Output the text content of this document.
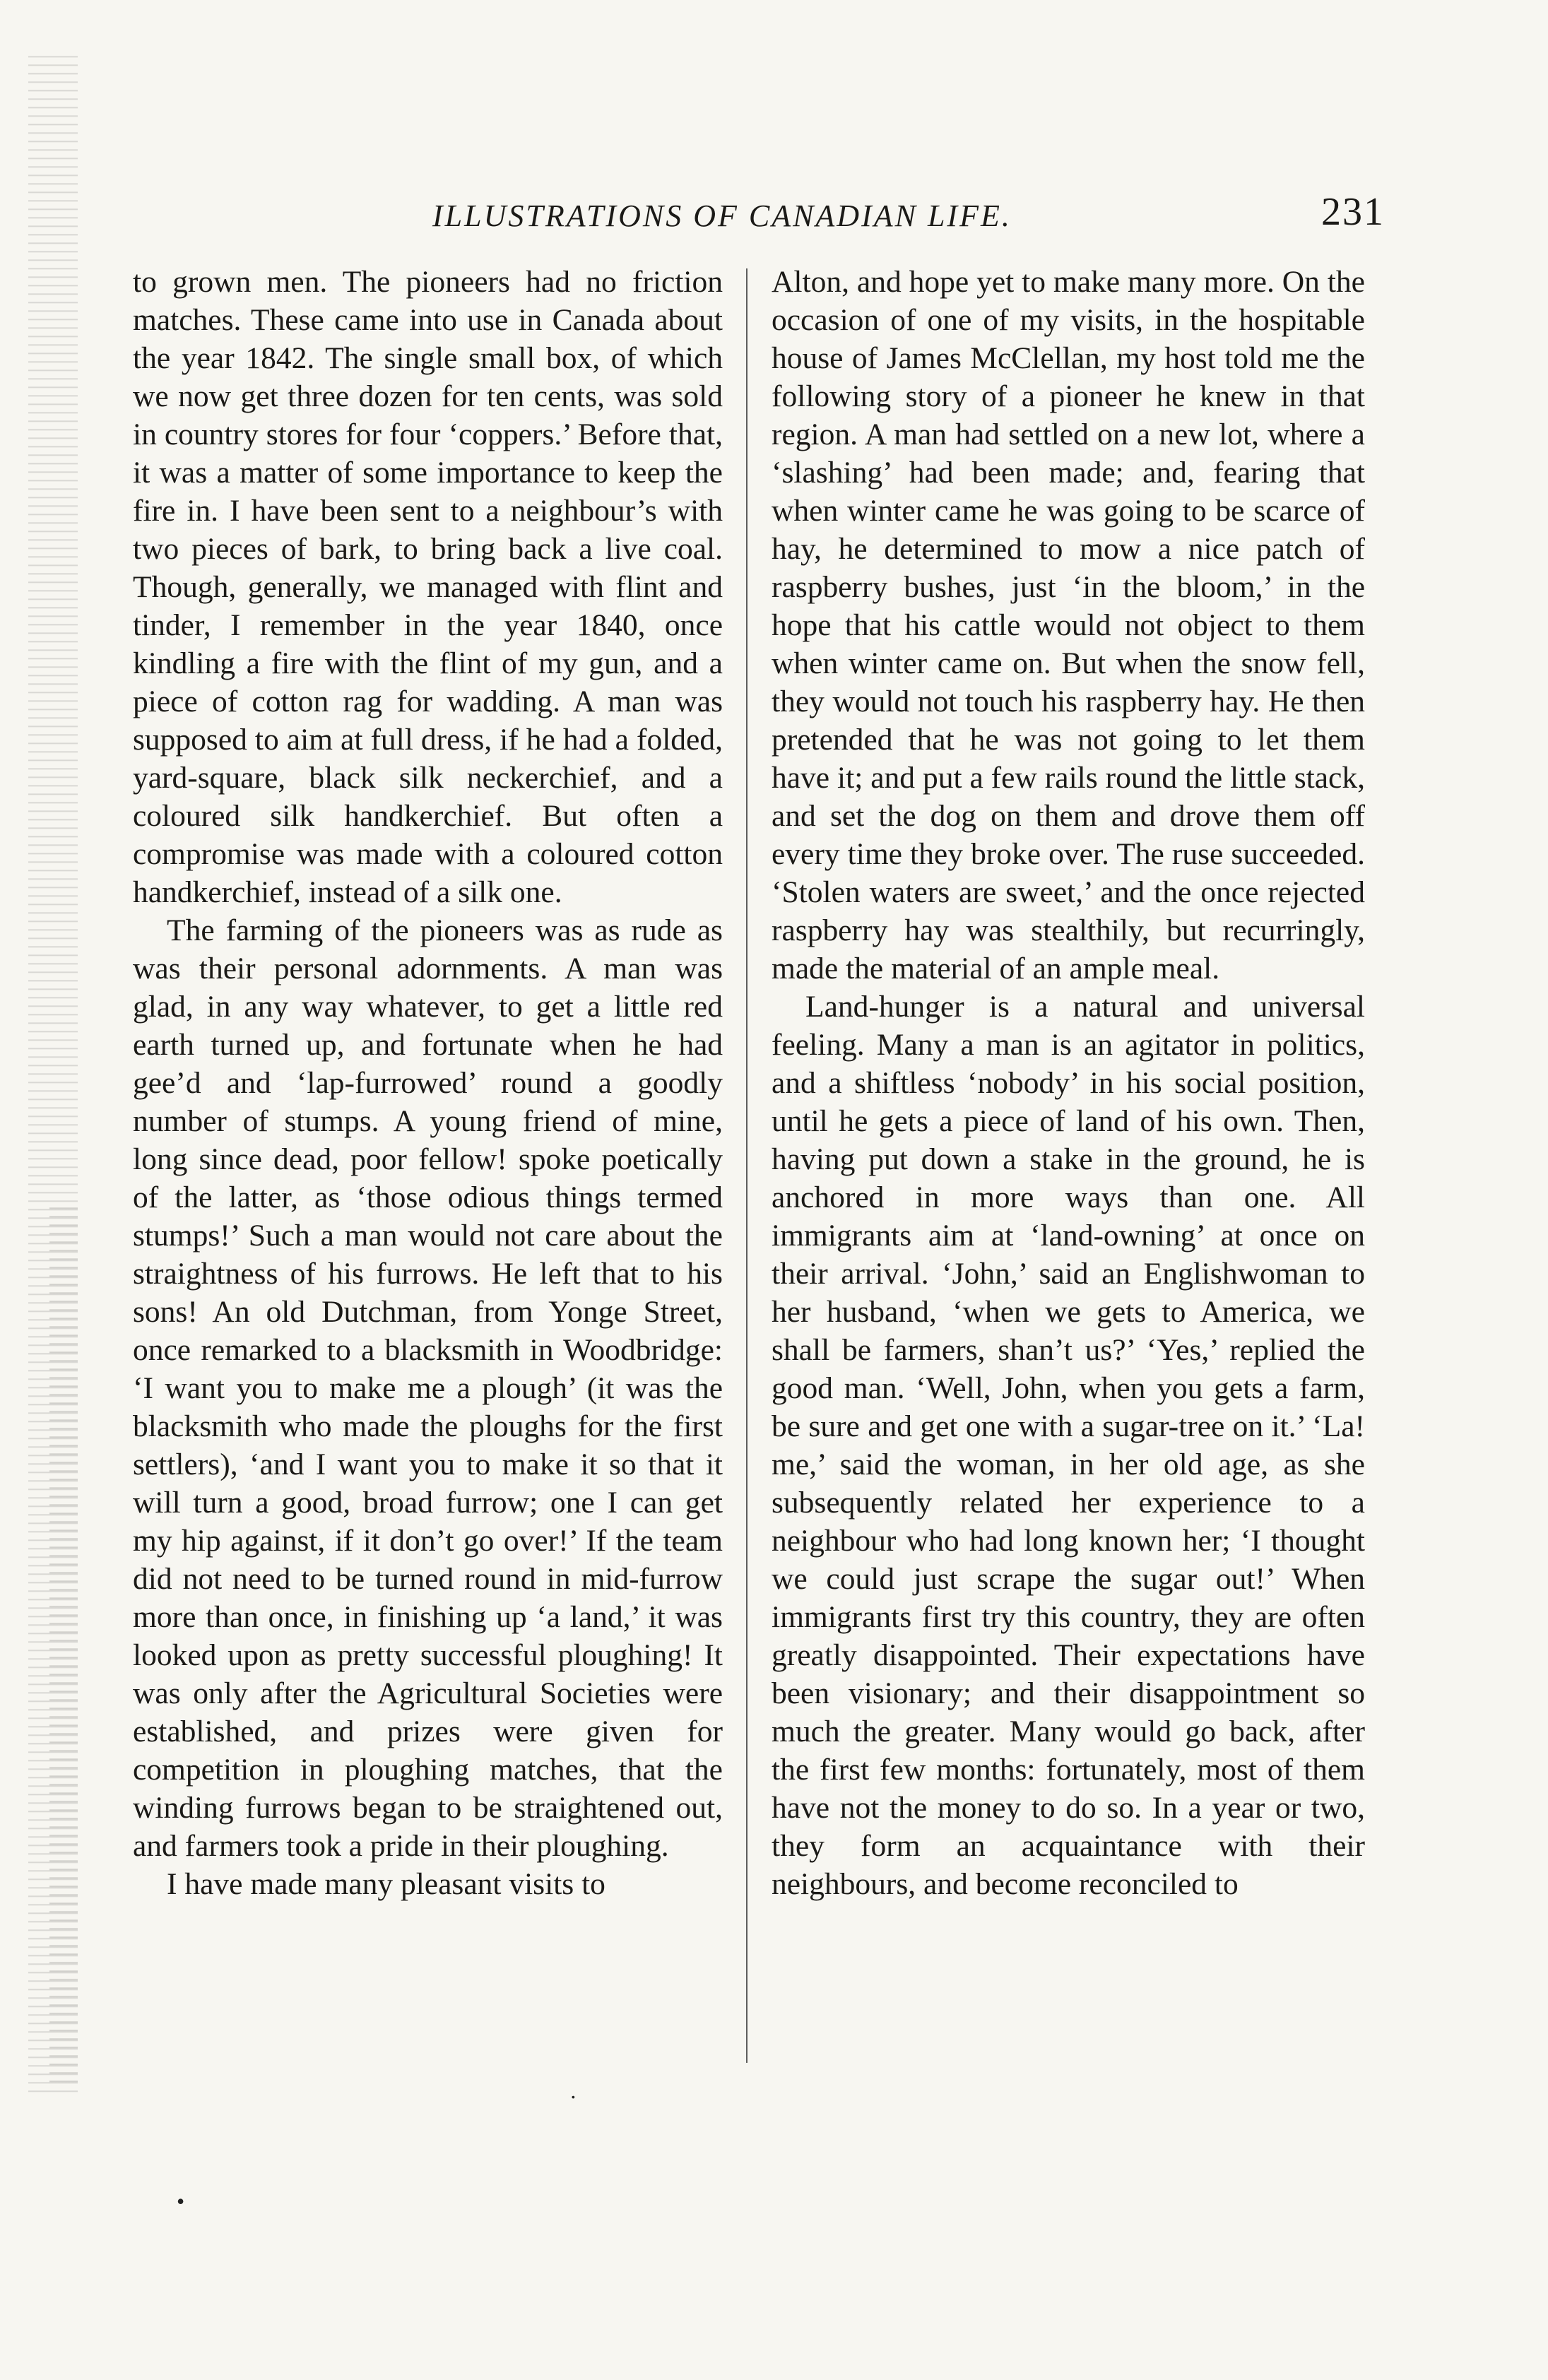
ILLUSTRATIONS OF CANADIAN LIFE.	231

to grown men. The pioneers had no friction matches. These came into use in Canada about the year 1842. The single small box, of which we now get three dozen for ten cents, was sold in country stores for four ‘coppers.’ Before that, it was a matter of some importance to keep the fire in. I have been sent to a neighbour’s with two pieces of bark, to bring back a live coal. Though, generally, we managed with flint and tinder, I remember in the year 1840, once kindling a fire with the flint of my gun, and a piece of cotton rag for wadding. A man was supposed to aim at full dress, if he had a folded, yard-square, black silk neckerchief, and a coloured silk handkerchief. But often a compromise was made with a coloured cotton handkerchief, instead of a silk one.

The farming of the pioneers was as rude as was their personal adornments. A man was glad, in any way whatever, to get a little red earth turned up, and fortunate when he had gee’d and ‘lap-furrowed’ round a goodly number of stumps. A young friend of mine, long since dead, poor fellow! spoke poetically of the latter, as ‘those odious things termed stumps!’ Such a man would not care about the straightness of his furrows. He left that to his sons! An old Dutchman, from Yonge Street, once remarked to a blacksmith in Woodbridge: ‘I want you to make me a plough’ (it was the blacksmith who made the ploughs for the first settlers), ‘and I want you to make it so that it will turn a good, broad furrow; one I can get my hip against, if it don’t go over!’ If the team did not need to be turned round in mid-furrow more than once, in finishing up ‘a land,’ it was looked upon as pretty successful ploughing! It was only after the Agricultural Societies were established, and prizes were given for competition in ploughing matches, that the winding furrows began to be straightened out, and farmers took a pride in their ploughing.

I have made many pleasant visits to

Alton, and hope yet to make many more. On the occasion of one of my visits, in the hospitable house of James McClellan, my host told me the following story of a pioneer he knew in that region. A man had settled on a new lot, where a ‘slashing’ had been made; and, fearing that when winter came he was going to be scarce of hay, he determined to mow a nice patch of raspberry bushes, just ‘in the bloom,’ in the hope that his cattle would not object to them when winter came on. But when the snow fell, they would not touch his raspberry hay. He then pretended that he was not going to let them have it; and put a few rails round the little stack, and set the dog on them and drove them off every time they broke over. The ruse succeeded. ‘Stolen waters are sweet,’ and the once rejected raspberry hay was stealthily, but recurringly, made the material of an ample meal.

Land-hunger is a natural and universal feeling. Many a man is an agitator in politics, and a shiftless ‘nobody’ in his social position, until he gets a piece of land of his own. Then, having put down a stake in the ground, he is anchored in more ways than one. All immigrants aim at ‘land-owning’ at once on their arrival. ‘John,’ said an Englishwoman to her husband, ‘when we gets to America, we shall be farmers, shan’t us?’ ‘Yes,’ replied the good man. ‘Well, John, when you gets a farm, be sure and get one with a sugar-tree on it.’ ‘La! me,’ said the woman, in her old age, as she subsequently related her experience to a neighbour who had long known her; ‘I thought we could just scrape the sugar out!’ When immigrants first try this country, they are often greatly disappointed. Their expectations have been visionary; and their disappointment so much the greater. Many would go back, after the first few months: fortunately, most of them have not the money to do so. In a year or two, they form an acquaintance with their neighbours, and become reconciled to

·
•
